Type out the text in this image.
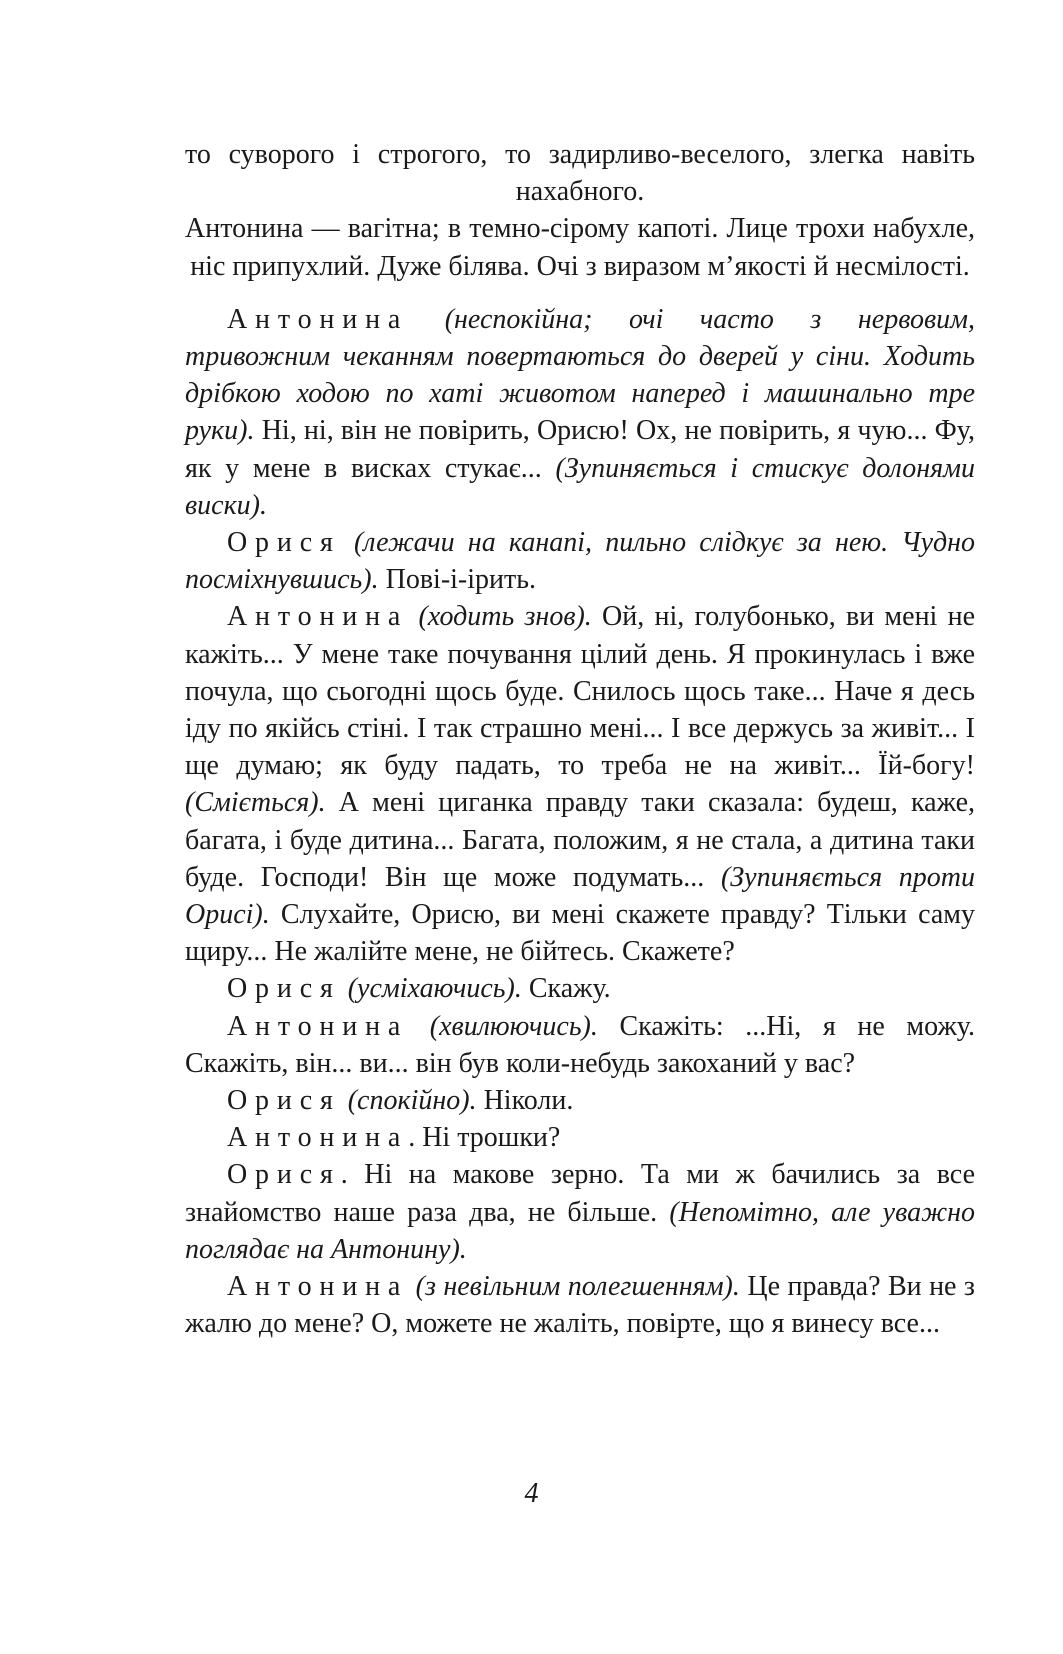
то суворого і строгого, то задирливо-веселого, злегка навіть нахабного.

Антонина — вагітна; в темно-сірому капоті. Лице трохи набухле, ніс припухлий. Дуже білява. Очі з виразом м’якості й несмілості.

Антонина (неспокійна; очі часто з нервовим, тривожним чеканням повертаються до дверей у сіни. Ходить дрібкою ходою по хаті животом наперед і машинально тре руки). Ні, ні, він не повірить, Орисю! Ох, не повірить, я чую... Фу, як у мене в висках стукає... (Зупиняється і стискує долонями виски).

Орися (лежачи на канапі, пильно слідкує за нею. Чудно посміхнувшись). Пові-і-ірить.

Антонина (ходить знов). Ой, ні, голубонько, ви мені не кажіть... У мене таке почування цілий день. Я прокинулась і вже почула, що сьогодні щось буде. Снилось щось таке... Наче я десь іду по якійсь стіні. І так страшно мені... І все держусь за живіт... І ще думаю; як буду падать, то треба не на живіт... Їй-богу! (Сміється). А мені циганка правду таки сказала: будеш, каже, багата, і буде дитина... Багата, положим, я не стала, а дитина таки буде. Господи! Він ще може подумать... (Зупиняється проти Орисі). Слухайте, Орисю, ви мені скажете правду? Тільки саму щиру... Не жалійте мене, не бійтесь. Скажете?

Орися (усміхаючись). Скажу.

Антонина (хвилюючись). Скажіть: ...Ні, я не можу. Скажіть, він... ви... він був коли-небудь закоханий у вас?

Орися (спокійно). Ніколи.

Антонина. Ні трошки?

Орися. Ні на макове зерно. Та ми ж бачились за все знайомство наше раза два, не більше. (Непомітно, але уважно поглядає на Антонину).

Антонина (з невільним полегшенням). Це правда? Ви не з жалю до мене? О, можете не жаліть, повірте, що я винесу все...

4
